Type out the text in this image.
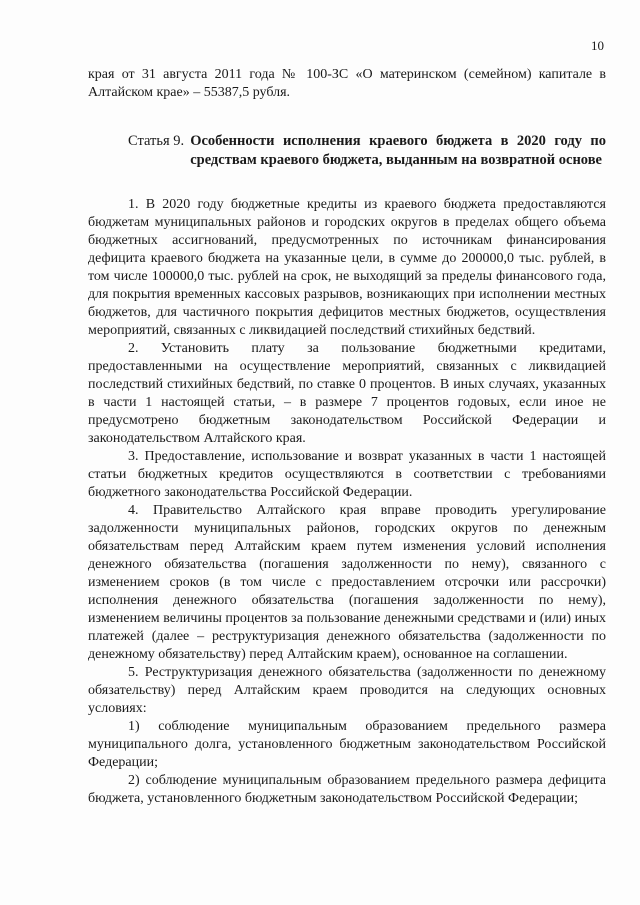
10

края от 31 августа 2011 года № 100-ЗС «О материнском (семейном) капитале в Алтайском крае» – 55387,5 рубля.

Статья 9. Особенности исполнения краевого бюджета в 2020 году по средствам краевого бюджета, выданным на возвратной основе

1. В 2020 году бюджетные кредиты из краевого бюджета предоставляются бюджетам муниципальных районов и городских округов в пределах общего объема бюджетных ассигнований, предусмотренных по источникам финансирования дефицита краевого бюджета на указанные цели, в сумме до 200000,0 тыс. рублей, в том числе 100000,0 тыс. рублей на срок, не выходящий за пределы финансового года, для покрытия временных кассовых разрывов, возникающих при исполнении местных бюджетов, для частичного покрытия дефицитов местных бюджетов, осуществления мероприятий, связанных с ликвидацией последствий стихийных бедствий.

2. Установить плату за пользование бюджетными кредитами, предоставленными на осуществление мероприятий, связанных с ликвидацией последствий стихийных бедствий, по ставке 0 процентов. В иных случаях, указанных в части 1 настоящей статьи, – в размере 7 процентов годовых, если иное не предусмотрено бюджетным законодательством Российской Федерации и законодательством Алтайского края.

3. Предоставление, использование и возврат указанных в части 1 настоящей статьи бюджетных кредитов осуществляются в соответствии с требованиями бюджетного законодательства Российской Федерации.

4. Правительство Алтайского края вправе проводить урегулирование задолженности муниципальных районов, городских округов по денежным обязательствам перед Алтайским краем путем изменения условий исполнения денежного обязательства (погашения задолженности по нему), связанного с изменением сроков (в том числе с предоставлением отсрочки или рассрочки) исполнения денежного обязательства (погашения задолженности по нему), изменением величины процентов за пользование денежными средствами и (или) иных платежей (далее – реструктуризация денежного обязательства (задолженности по денежному обязательству) перед Алтайским краем), основанное на соглашении.

5. Реструктуризация денежного обязательства (задолженности по денежному обязательству) перед Алтайским краем проводится на следующих основных условиях:

1) соблюдение муниципальным образованием предельного размера муниципального долга, установленного бюджетным законодательством Российской Федерации;

2) соблюдение муниципальным образованием предельного размера дефицита бюджета, установленного бюджетным законодательством Российской Федерации;
